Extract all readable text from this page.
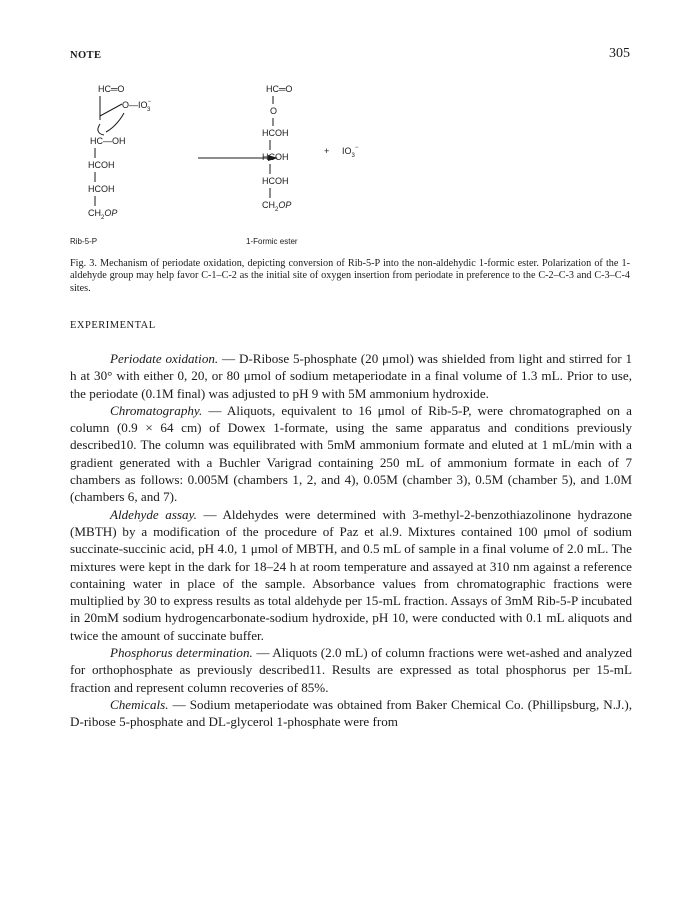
NOTE	305
HC═O
O—IO− 3
HC—OH
HCOH
HCOH
$CH_2OP$
Rib-5-P
HC═O
O
HCOH
HCOH
HCOH
$CH_2OP$
1-Formic ester
+ $IO_3^-$
Fig. 3. Mechanism of periodate oxidation, depicting conversion of Rib-5-P into the non-aldehydic 1-formic ester. Polarization of the 1-aldehyde group may help favor C-1–C-2 as the initial site of oxygen insertion from periodate in preference to the C-2–C-3 and C-3–C-4 sites.
EXPERIMENTAL

Periodate oxidation. — D-Ribose 5-phosphate (20 μmol) was shielded from light and stirred for 1 h at 30° with either 0, 20, or 80 μmol of sodium metaperiodate in a final volume of 1.3 mL. Prior to use, the periodate (0.1M final) was adjusted to pH 9 with 5M ammonium hydroxide.

Chromatography. — Aliquots, equivalent to 16 μmol of Rib-5-P, were chromatographed on a column (0.9 × 64 cm) of Dowex 1-formate, using the same apparatus and conditions previously described10. The column was equilibrated with 5mM ammonium formate and eluted at 1 mL/min with a gradient generated with a Buchler Varigrad containing 250 mL of ammonium formate in each of 7 chambers as follows: 0.005M (chambers 1, 2, and 4), 0.05M (chamber 3), 0.5M (chamber 5), and 1.0M (chambers 6, and 7).

Aldehyde assay. — Aldehydes were determined with 3-methyl-2-benzothiazolinone hydrazone (MBTH) by a modification of the procedure of Paz et al.9. Mixtures contained 100 μmol of sodium succinate-succinic acid, pH 4.0, 1 μmol of MBTH, and 0.5 mL of sample in a final volume of 2.0 mL. The mixtures were kept in the dark for 18–24 h at room temperature and assayed at 310 nm against a reference containing water in place of the sample. Absorbance values from chromatographic fractions were multiplied by 30 to express results as total aldehyde per 15-mL fraction. Assays of 3mM Rib-5-P incubated in 20mM sodium hydrogencarbonate-sodium hydroxide, pH 10, were conducted with 0.1 mL aliquots and twice the amount of succinate buffer.

Phosphorus determination. — Aliquots (2.0 mL) of column fractions were wet-ashed and analyzed for orthophosphate as previously described11. Results are expressed as total phosphorus per 15-mL fraction and represent column recoveries of 85%.

Chemicals. — Sodium metaperiodate was obtained from Baker Chemical Co. (Phillipsburg, N.J.), D-ribose 5-phosphate and DL-glycerol 1-phosphate were from
